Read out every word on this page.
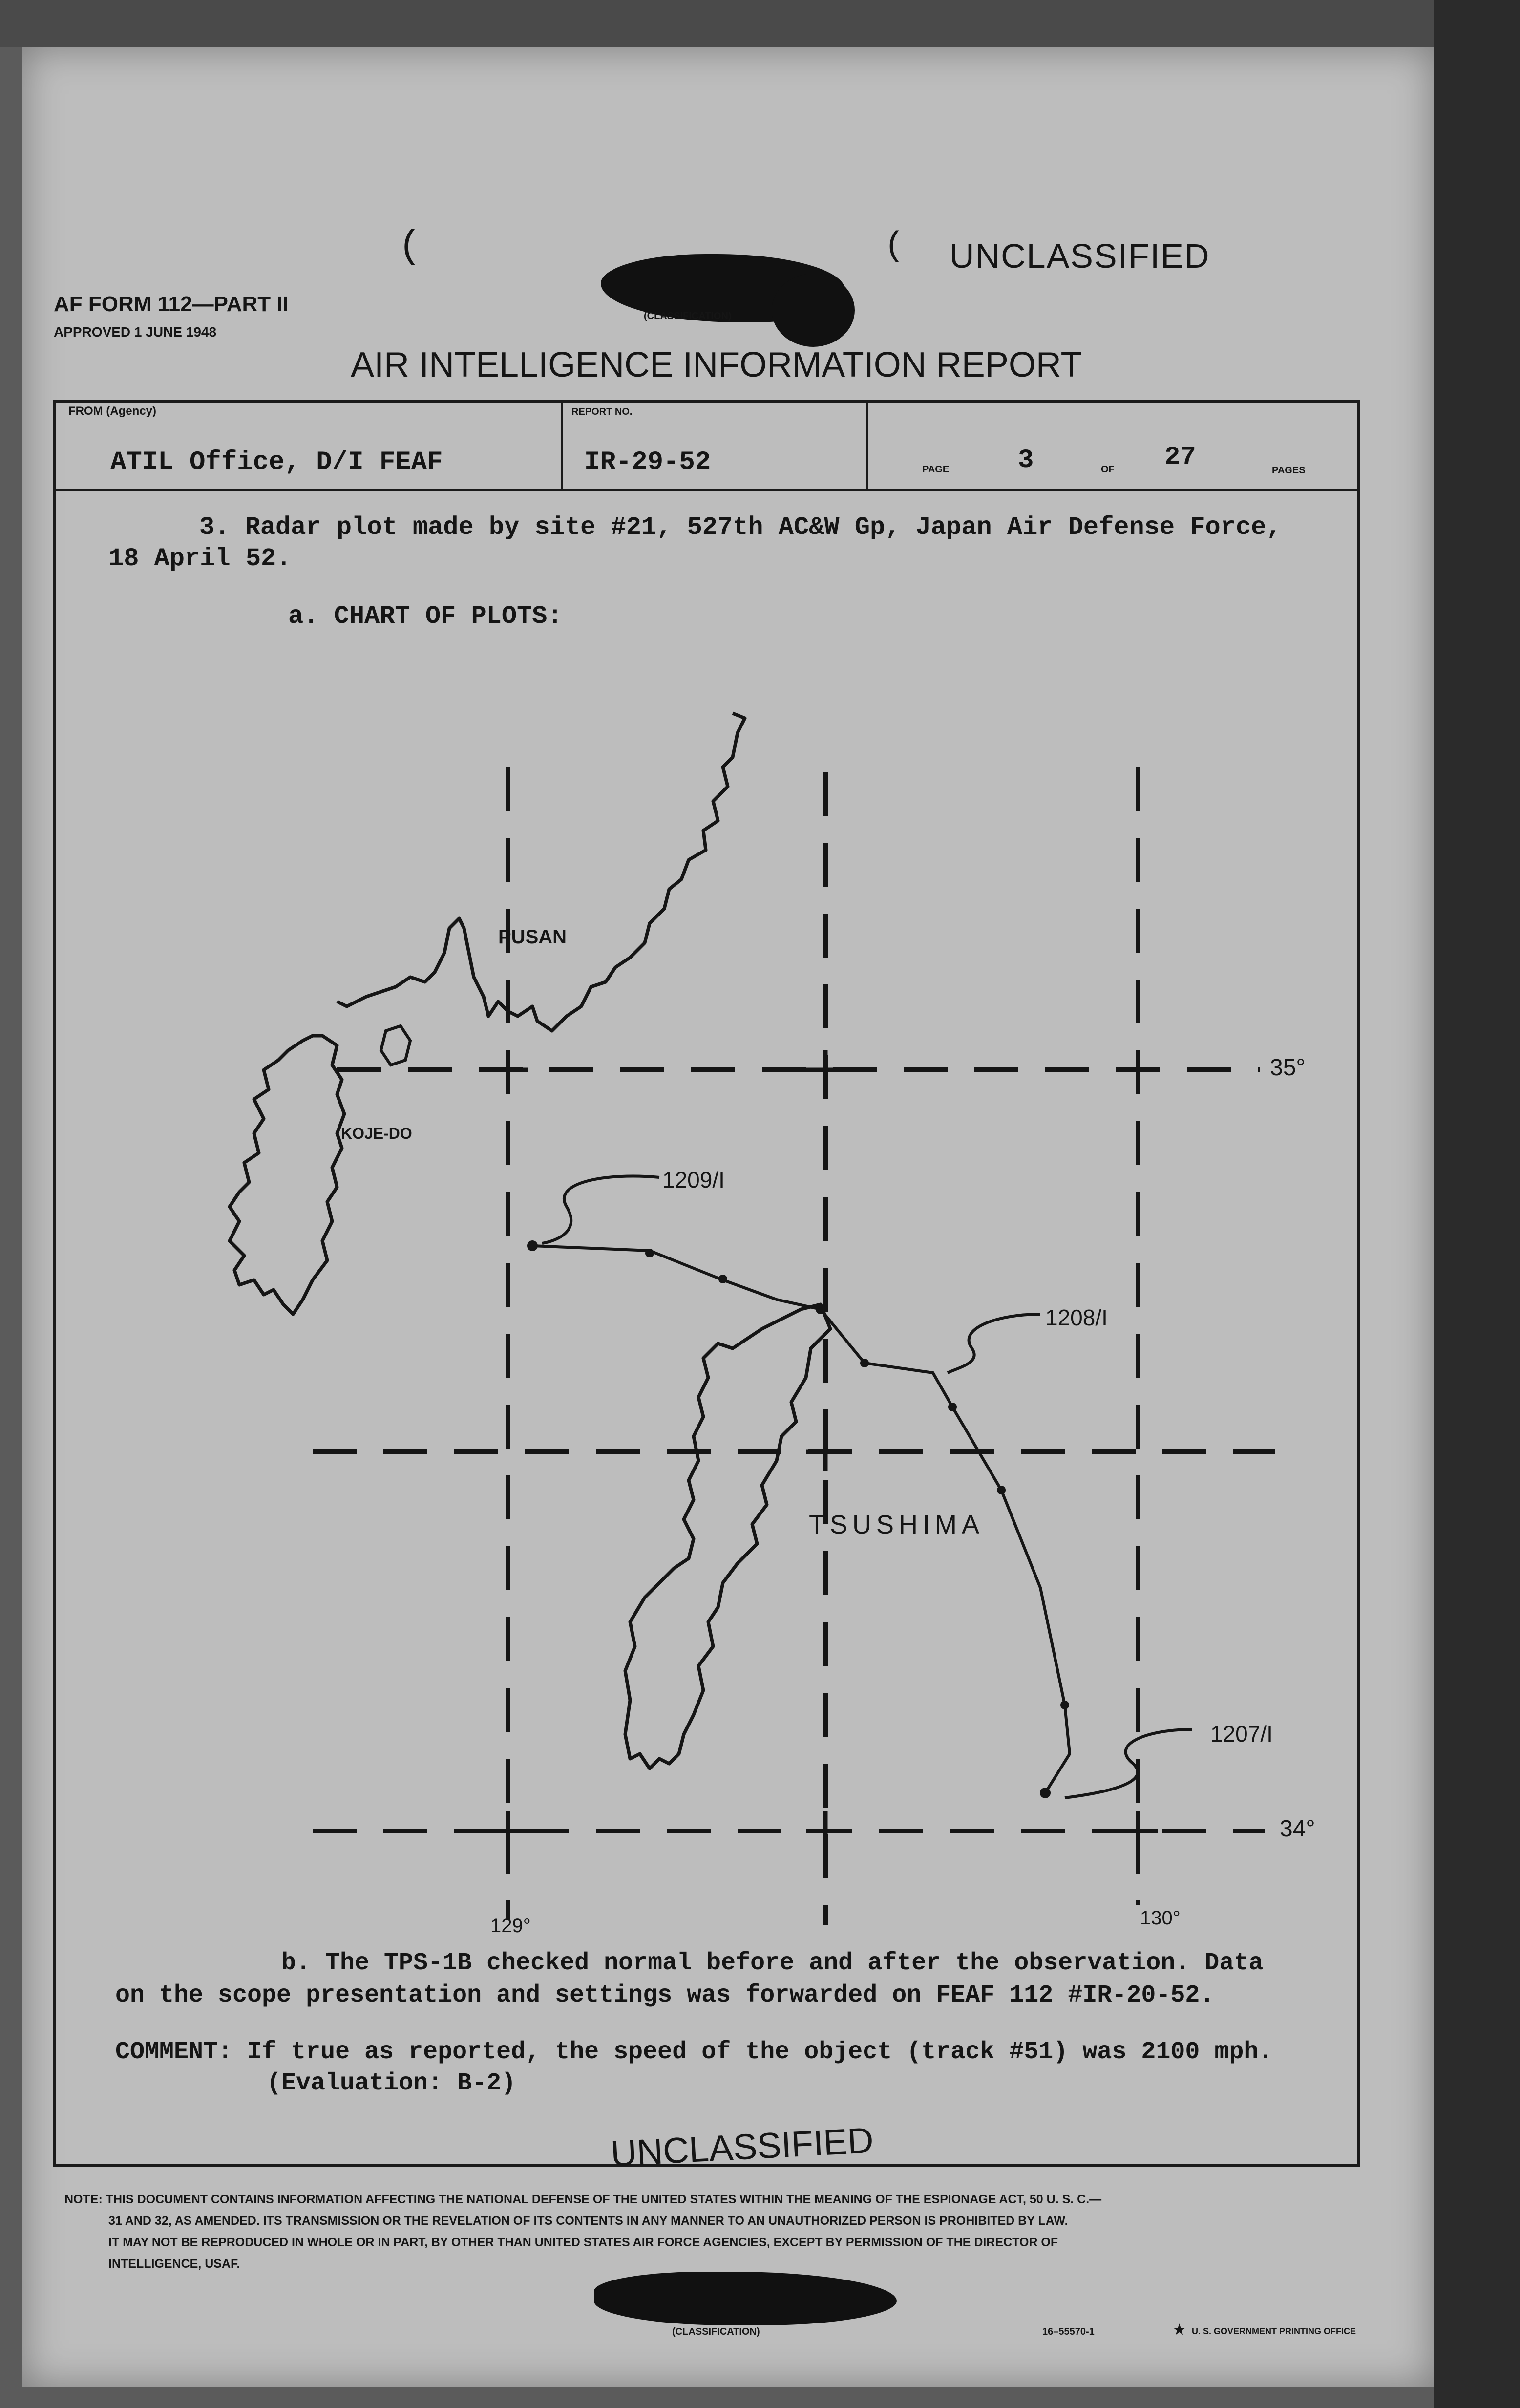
(	( UNCLASSIFIED
(CLASSIFICATION)
AF FORM 112—PART II
APPROVED 1 JUNE 1948
AIR INTELLIGENCE INFORMATION REPORT
FROM (Agency)
ATIL Office, D/I FEAF
REPORT NO.
IR-29-52	PAGE	3	OF 27	PAGES
3. Radar plot made by site #21, 527th AC&W Gp, Japan Air Defense Force,
18 April 52.
a. CHART OF PLOTS:
PUSAN
KOJE-DO
TSUSHIMA
35°
34°
129°	130°
1209/I
1208/I
1207/I
b. The TPS-1B checked normal before and after the observation. Data
on the scope presentation and settings was forwarded on FEAF 112 #IR-20-52.
COMMENT: If true as reported, the speed of the object (track #51) was 2100 mph.
(Evaluation: B-2)
UNCLASSIFIED
NOTE: THIS DOCUMENT CONTAINS INFORMATION AFFECTING THE NATIONAL DEFENSE OF THE UNITED STATES WITHIN THE MEANING OF THE ESPIONAGE ACT, 50 U. S. C.—
31 AND 32, AS AMENDED. ITS TRANSMISSION OR THE REVELATION OF ITS CONTENTS IN ANY MANNER TO AN UNAUTHORIZED PERSON IS PROHIBITED BY LAW.
IT MAY NOT BE REPRODUCED IN WHOLE OR IN PART, BY OTHER THAN UNITED STATES AIR FORCE AGENCIES, EXCEPT BY PERMISSION OF THE DIRECTOR OF
INTELLIGENCE, USAF.
(CLASSIFICATION)	16–55570-1	★ U. S. GOVERNMENT PRINTING OFFICE
